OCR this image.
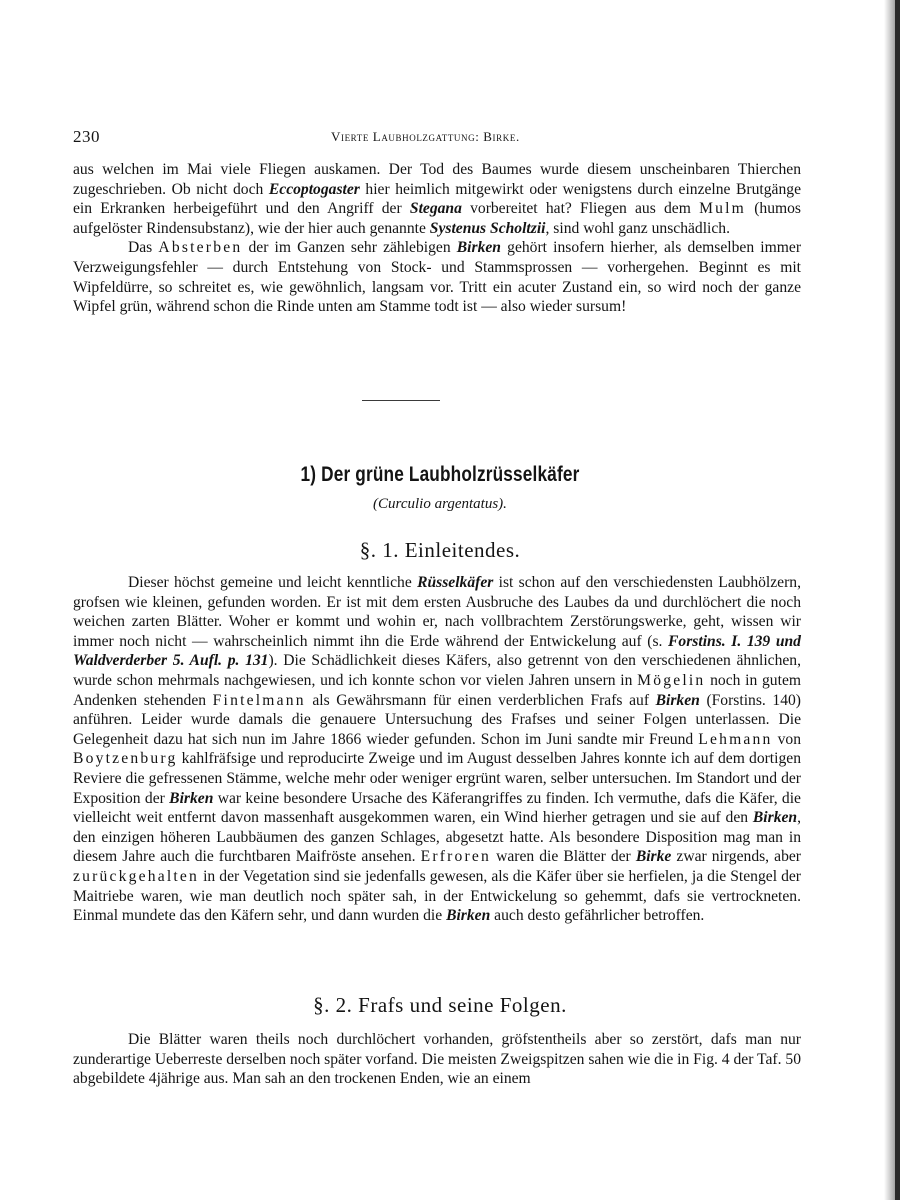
230	Vierte Laubholzgattung: Birke.

aus welchen im Mai viele Fliegen auskamen. Der Tod des Baumes wurde diesem unscheinbaren Thierchen zugeschrieben. Ob nicht doch Eccoptogaster hier heimlich mitgewirkt oder wenigstens durch einzelne Brutgänge ein Erkranken herbeigeführt und den Angriff der Stegana vorbereitet hat? Fliegen aus dem Mulm (humos aufgelöster Rindensubstanz), wie der hier auch genannte Systenus Scholtzii, sind wohl ganz unschädlich.

Das Absterben der im Ganzen sehr zählebigen Birken gehört insofern hierher, als demselben immer Verzweigungsfehler — durch Entstehung von Stock- und Stammsprossen — vorhergehen. Beginnt es mit Wipfeldürre, so schreitet es, wie gewöhnlich, langsam vor. Tritt ein acuter Zustand ein, so wird noch der ganze Wipfel grün, während schon die Rinde unten am Stamme todt ist — also wieder sursum!

1) Der grüne Laubholzrüsselkäfer
(Curculio argentatus).
§. 1. Einleitendes.

Dieser höchst gemeine und leicht kenntliche Rüsselkäfer ist schon auf den verschiedensten Laubhölzern, grofsen wie kleinen, gefunden worden. Er ist mit dem ersten Ausbruche des Laubes da und durchlöchert die noch weichen zarten Blätter. Woher er kommt und wohin er, nach vollbrachtem Zerstörungswerke, geht, wissen wir immer noch nicht — wahrscheinlich nimmt ihn die Erde während der Entwickelung auf (s. Forstins. I. 139 und Waldverderber 5. Aufl. p. 131). Die Schädlichkeit dieses Käfers, also getrennt von den verschiedenen ähnlichen, wurde schon mehrmals nachgewiesen, und ich konnte schon vor vielen Jahren unsern in Mögelin noch in gutem Andenken stehenden Fintelmann als Gewährsmann für einen verderblichen Frafs auf Birken (Forstins. 140) anführen. Leider wurde damals die genauere Untersuchung des Frafses und seiner Folgen unterlassen. Die Gelegenheit dazu hat sich nun im Jahre 1866 wieder gefunden. Schon im Juni sandte mir Freund Lehmann von Boytzenburg kahlfräfsige und reproducirte Zweige und im August desselben Jahres konnte ich auf dem dortigen Reviere die gefressenen Stämme, welche mehr oder weniger ergrünt waren, selber untersuchen. Im Standort und der Exposition der Birken war keine besondere Ursache des Käferangriffes zu finden. Ich vermuthe, dafs die Käfer, die vielleicht weit entfernt davon massenhaft ausgekommen waren, ein Wind hierher getragen und sie auf den Birken, den einzigen höheren Laubbäumen des ganzen Schlages, abgesetzt hatte. Als besondere Disposition mag man in diesem Jahre auch die furchtbaren Maifröste ansehen. Erfroren waren die Blätter der Birke zwar nirgends, aber zurückgehalten in der Vegetation sind sie jedenfalls gewesen, als die Käfer über sie herfielen, ja die Stengel der Maitriebe waren, wie man deutlich noch später sah, in der Entwickelung so gehemmt, dafs sie vertrockneten. Einmal mundete das den Käfern sehr, und dann wurden die Birken auch desto gefährlicher betroffen.

§. 2. Frafs und seine Folgen.

Die Blätter waren theils noch durchlöchert vorhanden, gröfstentheils aber so zerstört, dafs man nur zunderartige Ueberreste derselben noch später vorfand. Die meisten Zweigspitzen sahen wie die in Fig. 4 der Taf. 50 abgebildete 4jährige aus. Man sah an den trockenen Enden, wie an einem
